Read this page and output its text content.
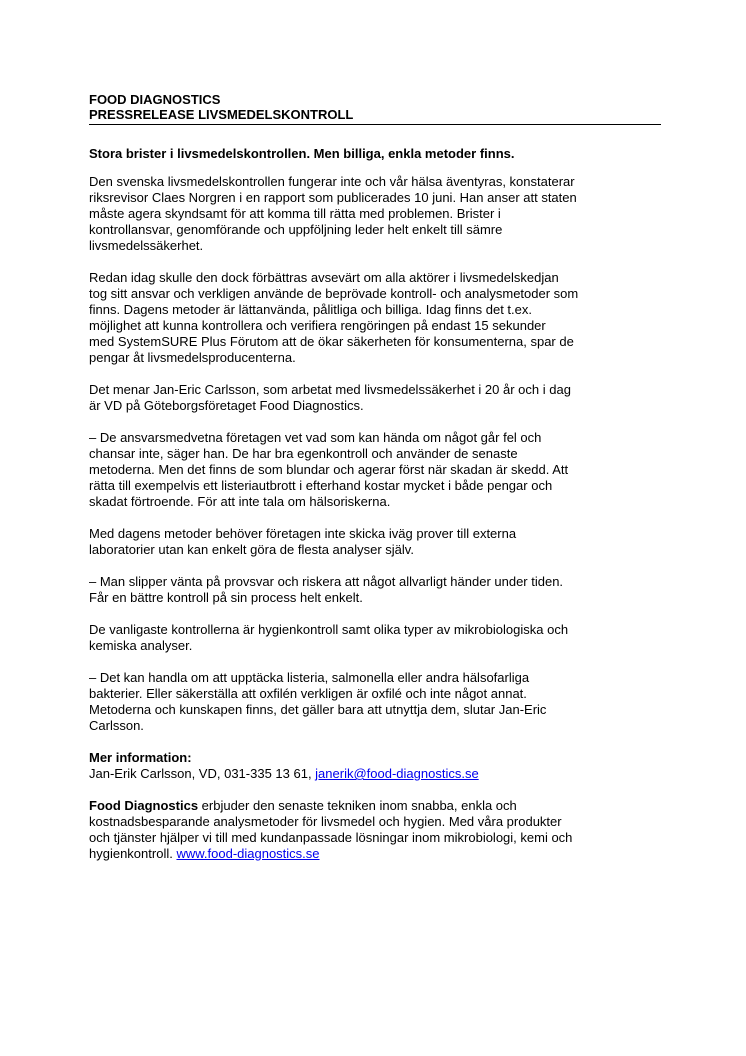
FOOD DIAGNOSTICS
PRESSRELEASE LIVSMEDELSKONTROLL
Stora brister i livsmedelskontrollen. Men billiga, enkla metoder finns.

Den svenska livsmedelskontrollen fungerar inte och vår hälsa äventyras, konstaterar
riksrevisor Claes Norgren i en rapport som publicerades 10 juni. Han anser att staten
måste agera skyndsamt för att komma till rätta med problemen. Brister i
kontrollansvar, genomförande och uppföljning leder helt enkelt till sämre
livsmedelssäkerhet.

Redan idag skulle den dock förbättras avsevärt om alla aktörer i livsmedelskedjan
tog sitt ansvar och verkligen använde de beprövade kontroll- och analysmetoder som
finns. Dagens metoder är lättanvända, pålitliga och billiga. Idag finns det t.ex.
möjlighet att kunna kontrollera och verifiera rengöringen på endast 15 sekunder
med SystemSURE Plus Förutom att de ökar säkerheten för konsumenterna, spar de
pengar åt livsmedelsproducenterna.

Det menar Jan-Eric Carlsson, som arbetat med livsmedelssäkerhet i 20 år och i dag
är VD på Göteborgsföretaget Food Diagnostics.

– De ansvarsmedvetna företagen vet vad som kan hända om något går fel och
chansar inte, säger han. De har bra egenkontroll och använder de senaste
metoderna. Men det finns de som blundar och agerar först när skadan är skedd. Att
rätta till exempelvis ett listeriautbrott i efterhand kostar mycket i både pengar och
skadat förtroende. För att inte tala om hälsoriskerna.

Med dagens metoder behöver företagen inte skicka iväg prover till externa
laboratorier utan kan enkelt göra de flesta analyser själv.

– Man slipper vänta på provsvar och riskera att något allvarligt händer under tiden.
Får en bättre kontroll på sin process helt enkelt.

De vanligaste kontrollerna är hygienkontroll samt olika typer av mikrobiologiska och
kemiska analyser.

– Det kan handla om att upptäcka listeria, salmonella eller andra hälsofarliga
bakterier. Eller säkerställa att oxfilén verkligen är oxfilé och inte något annat.
Metoderna och kunskapen finns, det gäller bara att utnyttja dem, slutar Jan-Eric
Carlsson.

Mer information:
Jan-Erik Carlsson, VD, 031-335 13 61, janerik@food-diagnostics.se

Food Diagnostics erbjuder den senaste tekniken inom snabba, enkla och
kostnadsbesparande analysmetoder för livsmedel och hygien. Med våra produkter
och tjänster hjälper vi till med kundanpassade lösningar inom mikrobiologi, kemi och
hygienkontroll. www.food-diagnostics.se
